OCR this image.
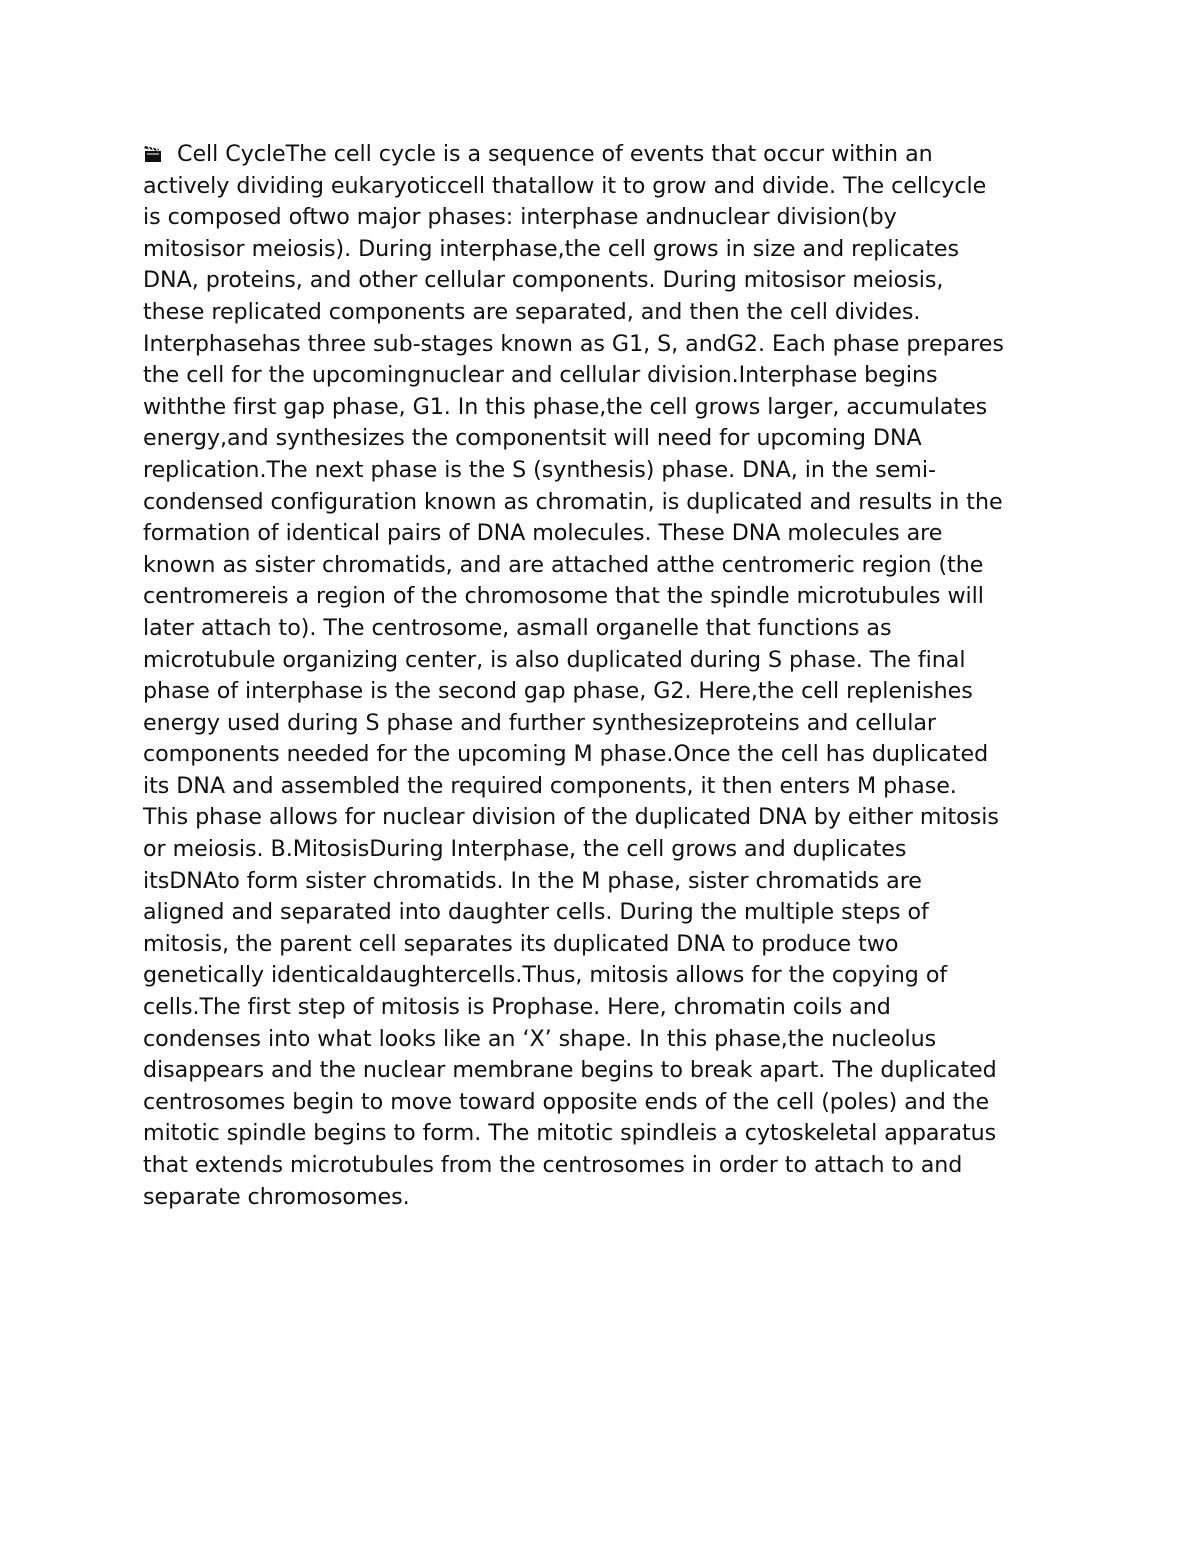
Cell CycleThe cell cycle is a sequence of events that occur within an
actively dividing eukaryoticcell thatallow it to grow and divide. The cellcycle
is composed oftwo major phases: interphase andnuclear division(by
mitosisor meiosis). During interphase,the cell grows in size and replicates
DNA, proteins, and other cellular components. During mitosisor meiosis,
these replicated components are separated, and then the cell divides.
Interphasehas three sub-stages known as G1, S, andG2. Each phase prepares
the cell for the upcomingnuclear and cellular division.Interphase begins
withthe first gap phase, G1. In this phase,the cell grows larger, accumulates
energy,and synthesizes the componentsit will need for upcoming DNA
replication.The next phase is the S (synthesis) phase. DNA, in the semi-
condensed configuration known as chromatin, is duplicated and results in the
formation of identical pairs of DNA molecules. These DNA molecules are
known as sister chromatids, and are attached atthe centromeric region (the
centromereis a region of the chromosome that the spindle microtubules will
later attach to). The centrosome, asmall organelle that functions as
microtubule organizing center, is also duplicated during S phase. The final
phase of interphase is the second gap phase, G2. Here,the cell replenishes
energy used during S phase and further synthesizeproteins and cellular
components needed for the upcoming M phase.Once the cell has duplicated
its DNA and assembled the required components, it then enters M phase.
This phase allows for nuclear division of the duplicated DNA by either mitosis
or meiosis. B.MitosisDuring Interphase, the cell grows and duplicates
itsDNAto form sister chromatids. In the M phase, sister chromatids are
aligned and separated into daughter cells. During the multiple steps of
mitosis, the parent cell separates its duplicated DNA to produce two
genetically identicaldaughtercells.Thus, mitosis allows for the copying of
cells.The first step of mitosis is Prophase. Here, chromatin coils and
condenses into what looks like an ‘X’ shape. In this phase,the nucleolus
disappears and the nuclear membrane begins to break apart. The duplicated
centrosomes begin to move toward opposite ends of the cell (poles) and the
mitotic spindle begins to form. The mitotic spindleis a cytoskeletal apparatus
that extends microtubules from the centrosomes in order to attach to and
separate chromosomes.
